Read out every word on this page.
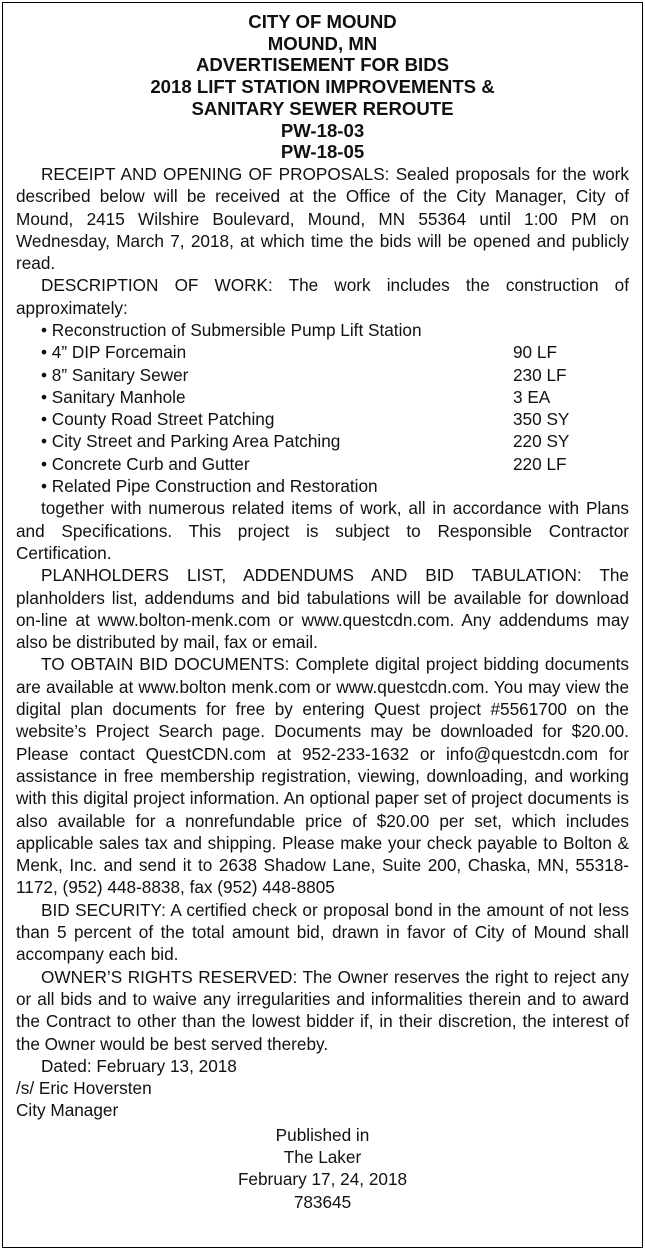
CITY OF MOUND
MOUND, MN
ADVERTISEMENT FOR BIDS
2018 LIFT STATION IMPROVEMENTS &
SANITARY SEWER REROUTE
PW-18-03
PW-18-05

RECEIPT AND OPENING OF PROPOSALS: Sealed proposals for the work described below will be received at the Office of the City Manager, City of Mound, 2415 Wilshire Boulevard, Mound, MN 55364 until 1:00 PM on Wednesday, March 7, 2018, at which time the bids will be opened and publicly read.

DESCRIPTION OF WORK: The work includes the construction of approximately:

• Reconstruction of Submersible Pump Lift Station
• 4” DIP Forcemain	90 LF
• 8” Sanitary Sewer	230 LF
• Sanitary Manhole	3 EA
• County Road Street Patching	350 SY
• City Street and Parking Area Patching	220 SY
• Concrete Curb and Gutter	220 LF
• Related Pipe Construction and Restoration

together with numerous related items of work, all in accordance with Plans and Specifications. This project is subject to Responsible Contractor Certification.

PLANHOLDERS LIST, ADDENDUMS AND BID TABULATION: The planholders list, addendums and bid tabulations will be available for download on-line at www.bolton-menk.com or www.questcdn.com. Any addendums may also be distributed by mail, fax or email.

TO OBTAIN BID DOCUMENTS: Complete digital project bidding documents are available at www.bolton menk.com or www.questcdn.​com. You may view the digital plan documents for free by entering Quest project #5561700 on the website’s Project Search page. Documents may be downloaded for $20.00. Please contact QuestCDN.com at 952-233-1632 or info@questcdn.com for assistance in free membership registration, viewing, downloading, and working with this digital project information. An optional paper set of project documents is also available for a nonrefundable price of $20.00 per set, which includes applicable sales tax and shipping. Please make your check payable to Bolton & Menk, Inc. and send it to 2638 Shadow Lane, Suite 200, Chaska, MN, 55318-1172, (952) 448-8838, fax (952) 448-8805

BID SECURITY: A certified check or proposal bond in the amount of not less than 5 percent of the total amount bid, drawn in favor of City of Mound shall accompany each bid.

OWNER’S RIGHTS RESERVED: The Owner reserves the right to reject any or all bids and to waive any irregularities and informalities therein and to award the Contract to other than the lowest bidder if, in their discretion, the interest of the Owner would be best served thereby.

Dated: February 13, 2018

/s/ Eric Hoversten
City Manager
Published in
The Laker
February 17, 24, 2018
783645
